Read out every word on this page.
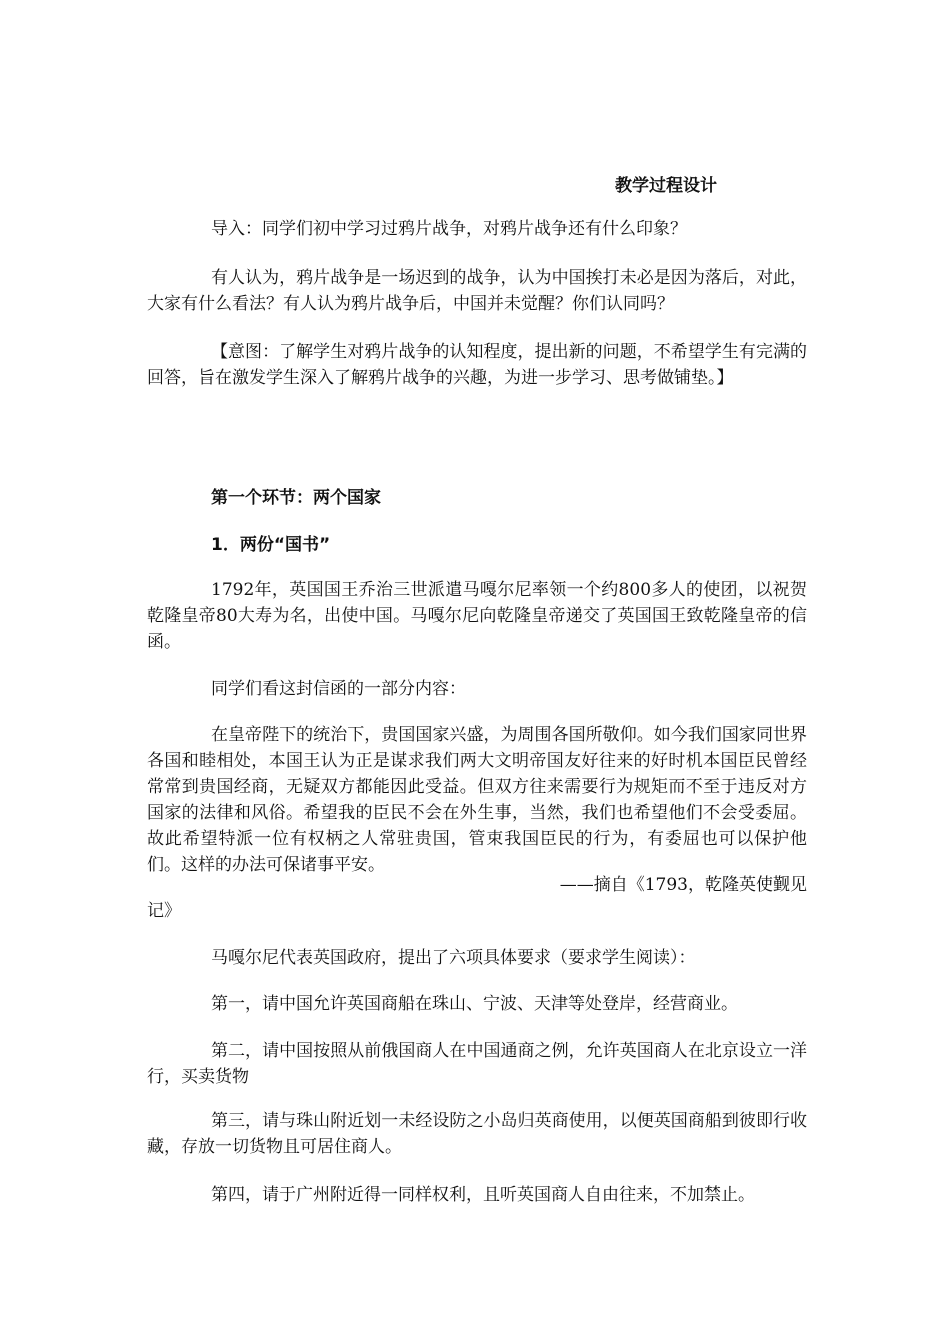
教学过程设计

导入：同学们初中学习过鸦片战争，对鸦片战争还有什么印象？

有人认为，鸦片战争是一场迟到的战争，认为中国挨打未必是因为落后，对此，大家有什么看法？有人认为鸦片战争后，中国并未觉醒？你们认同吗？

【意图：了解学生对鸦片战争的认知程度，提出新的问题，不希望学生有完满的回答，旨在激发学生深入了解鸦片战争的兴趣，为进一步学习、思考做铺垫。】

第一个环节：两个国家
1．两份“国书”

1792年，英国国王乔治三世派遣马嘎尔尼率领一个约800多人的使团，以祝贺乾隆皇帝80大寿为名，出使中国。马嘎尔尼向乾隆皇帝递交了英国国王致乾隆皇帝的信函。

同学们看这封信函的一部分内容：

在皇帝陛下的统治下，贵国国家兴盛，为周围各国所敬仰。如今我们国家同世界各国和睦相处，本国王认为正是谋求我们两大文明帝国友好往来的好时机本国臣民曾经常常到贵国经商，无疑双方都能因此受益。但双方往来需要行为规矩而不至于违反对方国家的法律和风俗。希望我的臣民不会在外生事，当然，我们也希望他们不会受委屈。故此希望特派一位有权柄之人常驻贵国，管束我国臣民的行为，有委屈也可以保护他们。这样的办法可保诸事平安。

——摘自《1793，乾隆英使觐见
记》

马嘎尔尼代表英国政府，提出了六项具体要求（要求学生阅读）：

第一，请中国允许英国商船在珠山、宁波、天津等处登岸，经营商业。

第二，请中国按照从前俄国商人在中国通商之例，允许英国商人在北京设立一洋行，买卖货物

第三，请与珠山附近划一未经设防之小岛归英商使用，以便英国商船到彼即行收藏，存放一切货物且可居住商人。

第四，请于广州附近得一同样权利，且听英国商人自由往来，不加禁止。
